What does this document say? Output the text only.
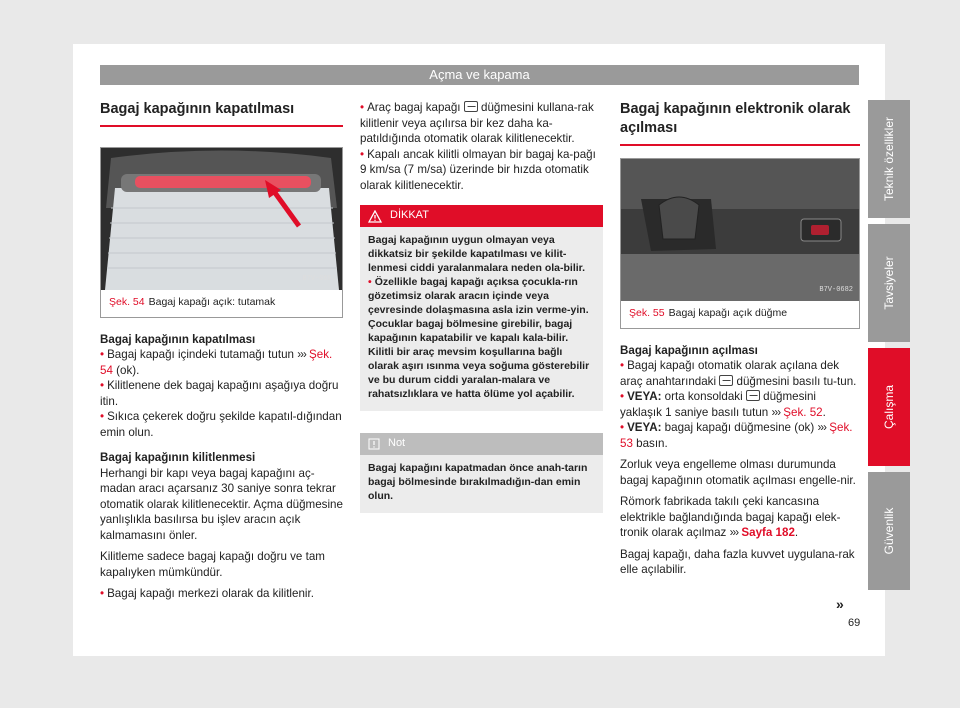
Açma ve kapama
Bagaj kapağının kapatılması
B7V-0681
Şek. 54 Bagaj kapağı açık: tutamak
Bagaj kapağının kapatılması

• Bagaj kapağı içindeki tutamağı tutun ››› Şek. 54 (ok).

• Kilitlenene dek bagaj kapağını aşağıya doğru itin.

• Sıkıca çekerek doğru şekilde kapatıl-dığından emin olun.

Bagaj kapağının kilitlenmesi

Herhangi bir kapı veya bagaj kapağını aç-madan aracı açarsanız 30 saniye sonra tekrar otomatik olarak kilitlenecektir. Açma düğmesine yanlışlıkla basılırsa bu işlev aracın açık kalmamasını önler.

Kilitleme sadece bagaj kapağı doğru ve tam kapalıyken mümkündür.

• Bagaj kapağı merkezi olarak da kilitlenir.

• Araç bagaj kapağı düğmesini kullana-rak kilitlenir veya açılırsa bir kez daha ka-patıldığında otomatik olarak kilitlenecektir.

• Kapalı ancak kilitli olmayan bir bagaj ka-pağı 9 km/sa (7 m/sa) üzerinde bir hızda otomatik olarak kilitlenecektir.

DİKKAT

Bagaj kapağının uygun olmayan veya dikkatsiz bir şekilde kapatılması ve kilit-lenmesi ciddi yaralanmalara neden ola-bilir.

• Özellikle bagaj kapağı açıksa çocukla-rın gözetimsiz olarak aracın içinde veya çevresinde dolaşmasına asla izin verme-yin. Çocuklar bagaj bölmesine girebilir, bagaj kapağının kapatabilir ve kapalı kala-bilir. Kilitli bir araç mevsim koşullarına bağlı olarak aşırı ısınma veya soğuma gösterebilir ve bu durum ciddi yaralan-malara ve rahatsızlıklara ve hatta ölüme yol açabilir.

Not

Bagaj kapağını kapatmadan önce anah-tarın bagaj bölmesinde bırakılmadığın-dan emin olun.

Bagaj kapağının elektronik olarak açılması
B7V-0682
Şek. 55 Bagaj kapağı açık düğme
Bagaj kapağının açılması

• Bagaj kapağı otomatik olarak açılana dek araç anahtarındaki düğmesini basılı tu-tun.

• VEYA: orta konsoldaki düğmesini yaklaşık 1 saniye basılı tutun ››› Şek. 52.

• VEYA: bagaj kapağı düğmesine (ok) ››› Şek. 53 basın.

Zorluk veya engelleme olması durumunda bagaj kapağının otomatik açılması engelle-nir.

Römork fabrikada takılı çeki kancasına elektrikle bağlandığında bagaj kapağı elek-tronik olarak açılmaz ››› Sayfa 182.

Bagaj kapağı, daha fazla kuvvet uygulana-rak elle açılabilir.

»
69
Teknik özellikler
Tavsiyeler
Çalışma
Güvenlik
